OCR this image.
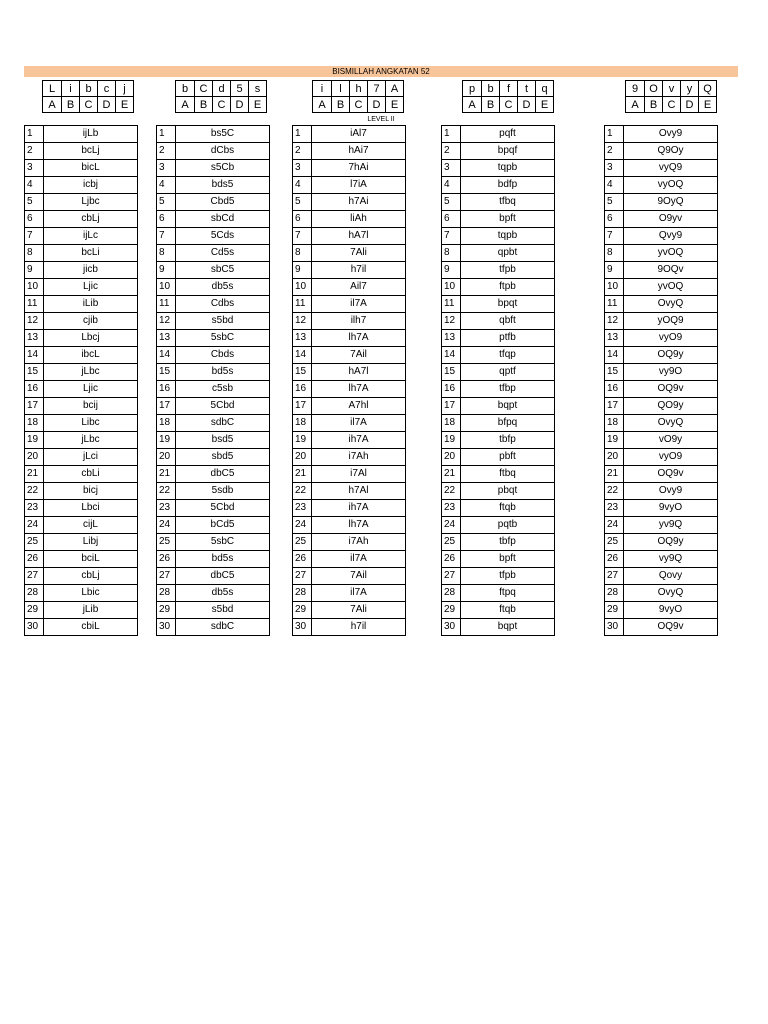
BISMILLAH ANGKATAN 52
LEVEL II
L	i	b	c	j
A	B	C	D	E
b	C	d	5	s
A	B	C	D	E
i	l	h	7	A
A	B	C	D	E
p	b	f	t	q
A	B	C	D	E
9	O	v	y	Q
A	B	C	D	E
1	ijLb
2	bcLj
3	bicL
4	icbj
5	Ljbc
6	cbLj
7	ijLc
8	bcLi
9	jicb
10	Ljic
11	iLib
12	cjib
13	Lbcj
14	ibcL
15	jLbc
16	Ljic
17	bcij
18	Libc
19	jLbc
20	jLci
21	cbLi
22	bicj
23	Lbci
24	cijL
25	Libj
26	bciL
27	cbLj
28	Lbic
29	jLib
30	cbiL
1	bs5C
2	dCbs
3	s5Cb
4	bds5
5	Cbd5
6	sbCd
7	5Cds
8	Cd5s
9	sbC5
10	db5s
11	Cdbs
12	s5bd
13	5sbC
14	Cbds
15	bd5s
16	c5sb
17	5Cbd
18	sdbC
19	bsd5
20	sbd5
21	dbC5
22	5sdb
23	5Cbd
24	bCd5
25	5sbC
26	bd5s
27	dbC5
28	db5s
29	s5bd
30	sdbC
1	iAl7
2	hAi7
3	7hAi
4	l7iA
5	h7Ai
6	liAh
7	hA7l
8	7Ali
9	h7il
10	Ail7
11	il7A
12	ilh7
13	lh7A
14	7Ail
15	hA7l
16	lh7A
17	A7hl
18	il7A
19	ih7A
20	i7Ah
21	i7Al
22	h7Al
23	ih7A
24	lh7A
25	i7Ah
26	il7A
27	7Ail
28	il7A
29	7Ali
30	h7il
1	pqft
2	bpqf
3	tqpb
4	bdfp
5	tfbq
6	bpft
7	tqpb
8	qpbt
9	tfpb
10	ftpb
11	bpqt
12	qbft
13	ptfb
14	tfqp
15	qptf
16	tfbp
17	bqpt
18	bfpq
19	tbfp
20	pbft
21	ftbq
22	pbqt
23	ftqb
24	pqtb
25	tbfp
26	bpft
27	tfpb
28	ftpq
29	ftqb
30	bqpt
1	Ovy9
2	Q9Oy
3	vyQ9
4	vyOQ
5	9OyQ
6	O9yv
7	Qvy9
8	yvOQ
9	9OQv
10	yvOQ
11	OvyQ
12	yOQ9
13	vyO9
14	OQ9y
15	vy9O
16	OQ9v
17	QO9y
18	OvyQ
19	vO9y
20	vyO9
21	OQ9v
22	Ovy9
23	9vyO
24	yv9Q
25	OQ9y
26	vy9Q
27	Qovy
28	OvyQ
29	9vyO
30	OQ9v
